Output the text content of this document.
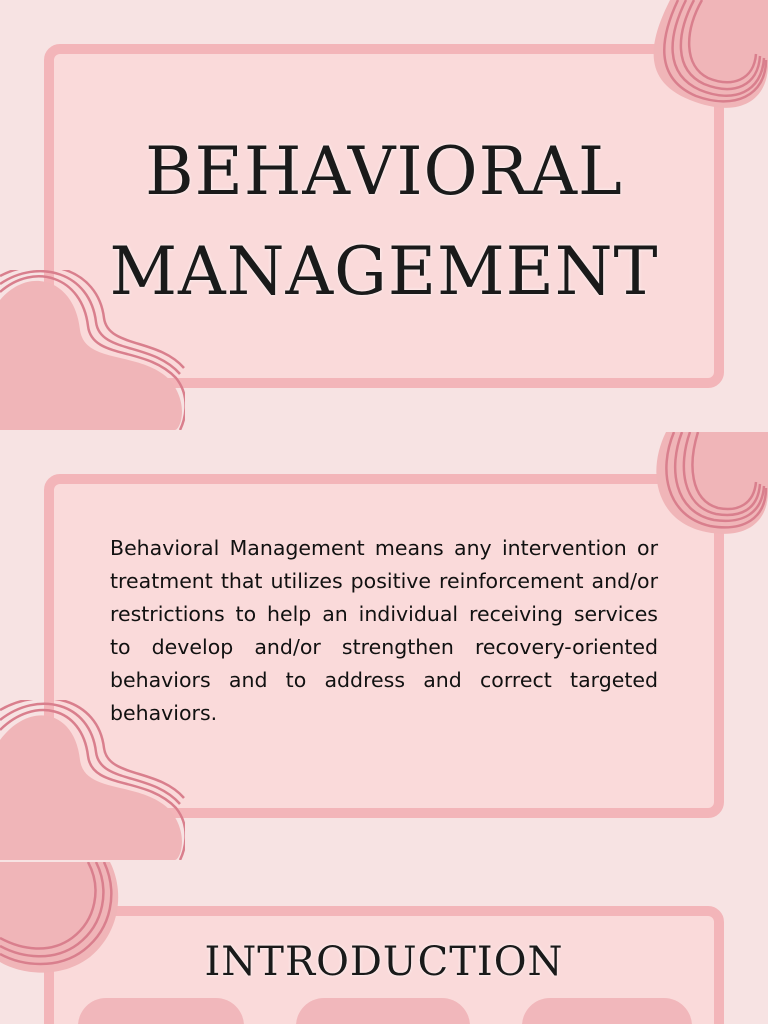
BEHAVIORAL
MANAGEMENT

Behavioral Management means any intervention or treatment that utilizes positive reinforcement and/or restrictions to help an individual receiving services to develop and/or strengthen recovery-oriented behaviors and to address and correct targeted behaviors.

INTRODUCTION
